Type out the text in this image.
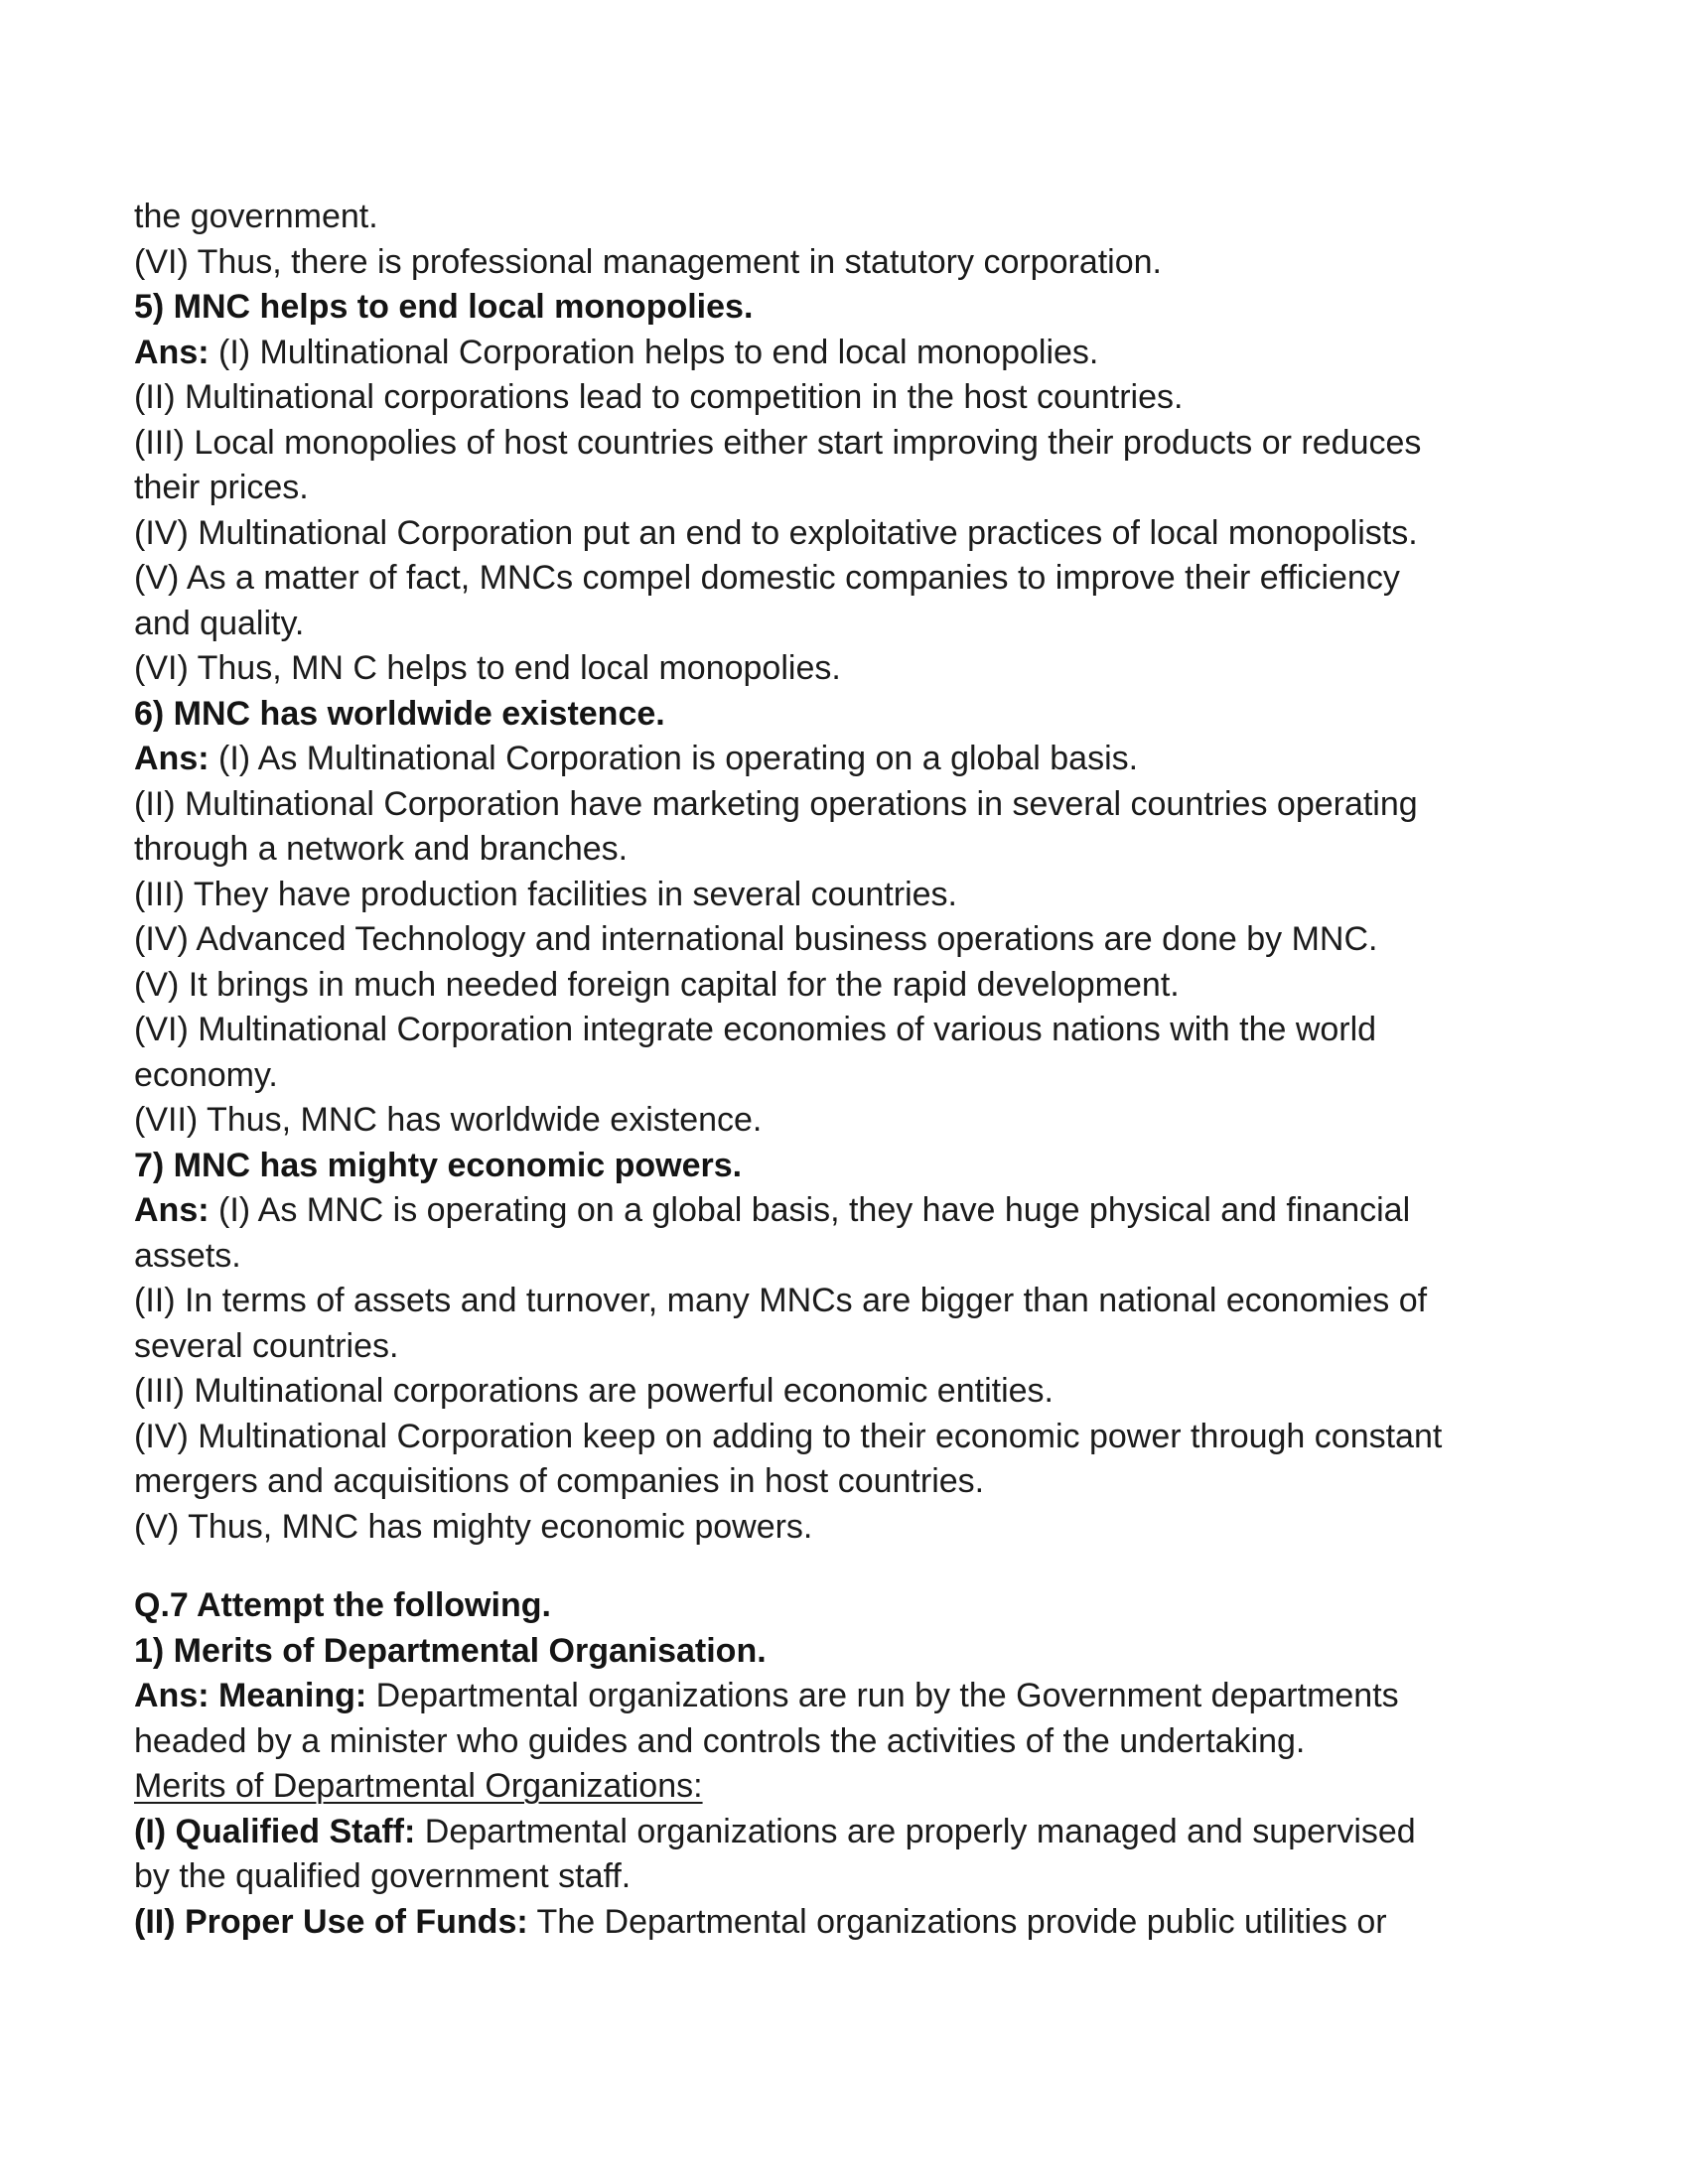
the government.

(VI) Thus, there is professional management in statutory corporation.

5) MNC helps to end local monopolies.

Ans: (I) Multinational Corporation helps to end local monopolies.

(II) Multinational corporations lead to competition in the host countries.

(III) Local monopolies of host countries either start improving their products or reduces

their prices.

(IV) Multinational Corporation put an end to exploitative practices of local monopolists.

(V) As a matter of fact, MNCs compel domestic companies to improve their efficiency

and quality.

(VI) Thus, MN C helps to end local monopolies.

6) MNC has worldwide existence.

Ans: (I) As Multinational Corporation is operating on a global basis.

(II) Multinational Corporation have marketing operations in several countries operating

through a network and branches.

(III) They have production facilities in several countries.

(IV) Advanced Technology and international business operations are done by MNC.

(V) It brings in much needed foreign capital for the rapid development.

(VI) Multinational Corporation integrate economies of various nations with the world

economy.

(VII) Thus, MNC has worldwide existence.

7) MNC has mighty economic powers.

Ans: (I) As MNC is operating on a global basis, they have huge physical and financial

assets.

(II) In terms of assets and turnover, many MNCs are bigger than national economies of

several countries.

(III) Multinational corporations are powerful economic entities.

(IV) Multinational Corporation keep on adding to their economic power through constant

mergers and acquisitions of companies in host countries.

(V) Thus, MNC has mighty economic powers.

Q.7 Attempt the following.

1) Merits of Departmental Organisation.

Ans: Meaning: Departmental organizations are run by the Government departments

headed by a minister who guides and controls the activities of the undertaking.

Merits of Departmental Organizations:

(I) Qualified Staff: Departmental organizations are properly managed and supervised

by the qualified government staff.

(II) Proper Use of Funds: The Departmental organizations provide public utilities or
